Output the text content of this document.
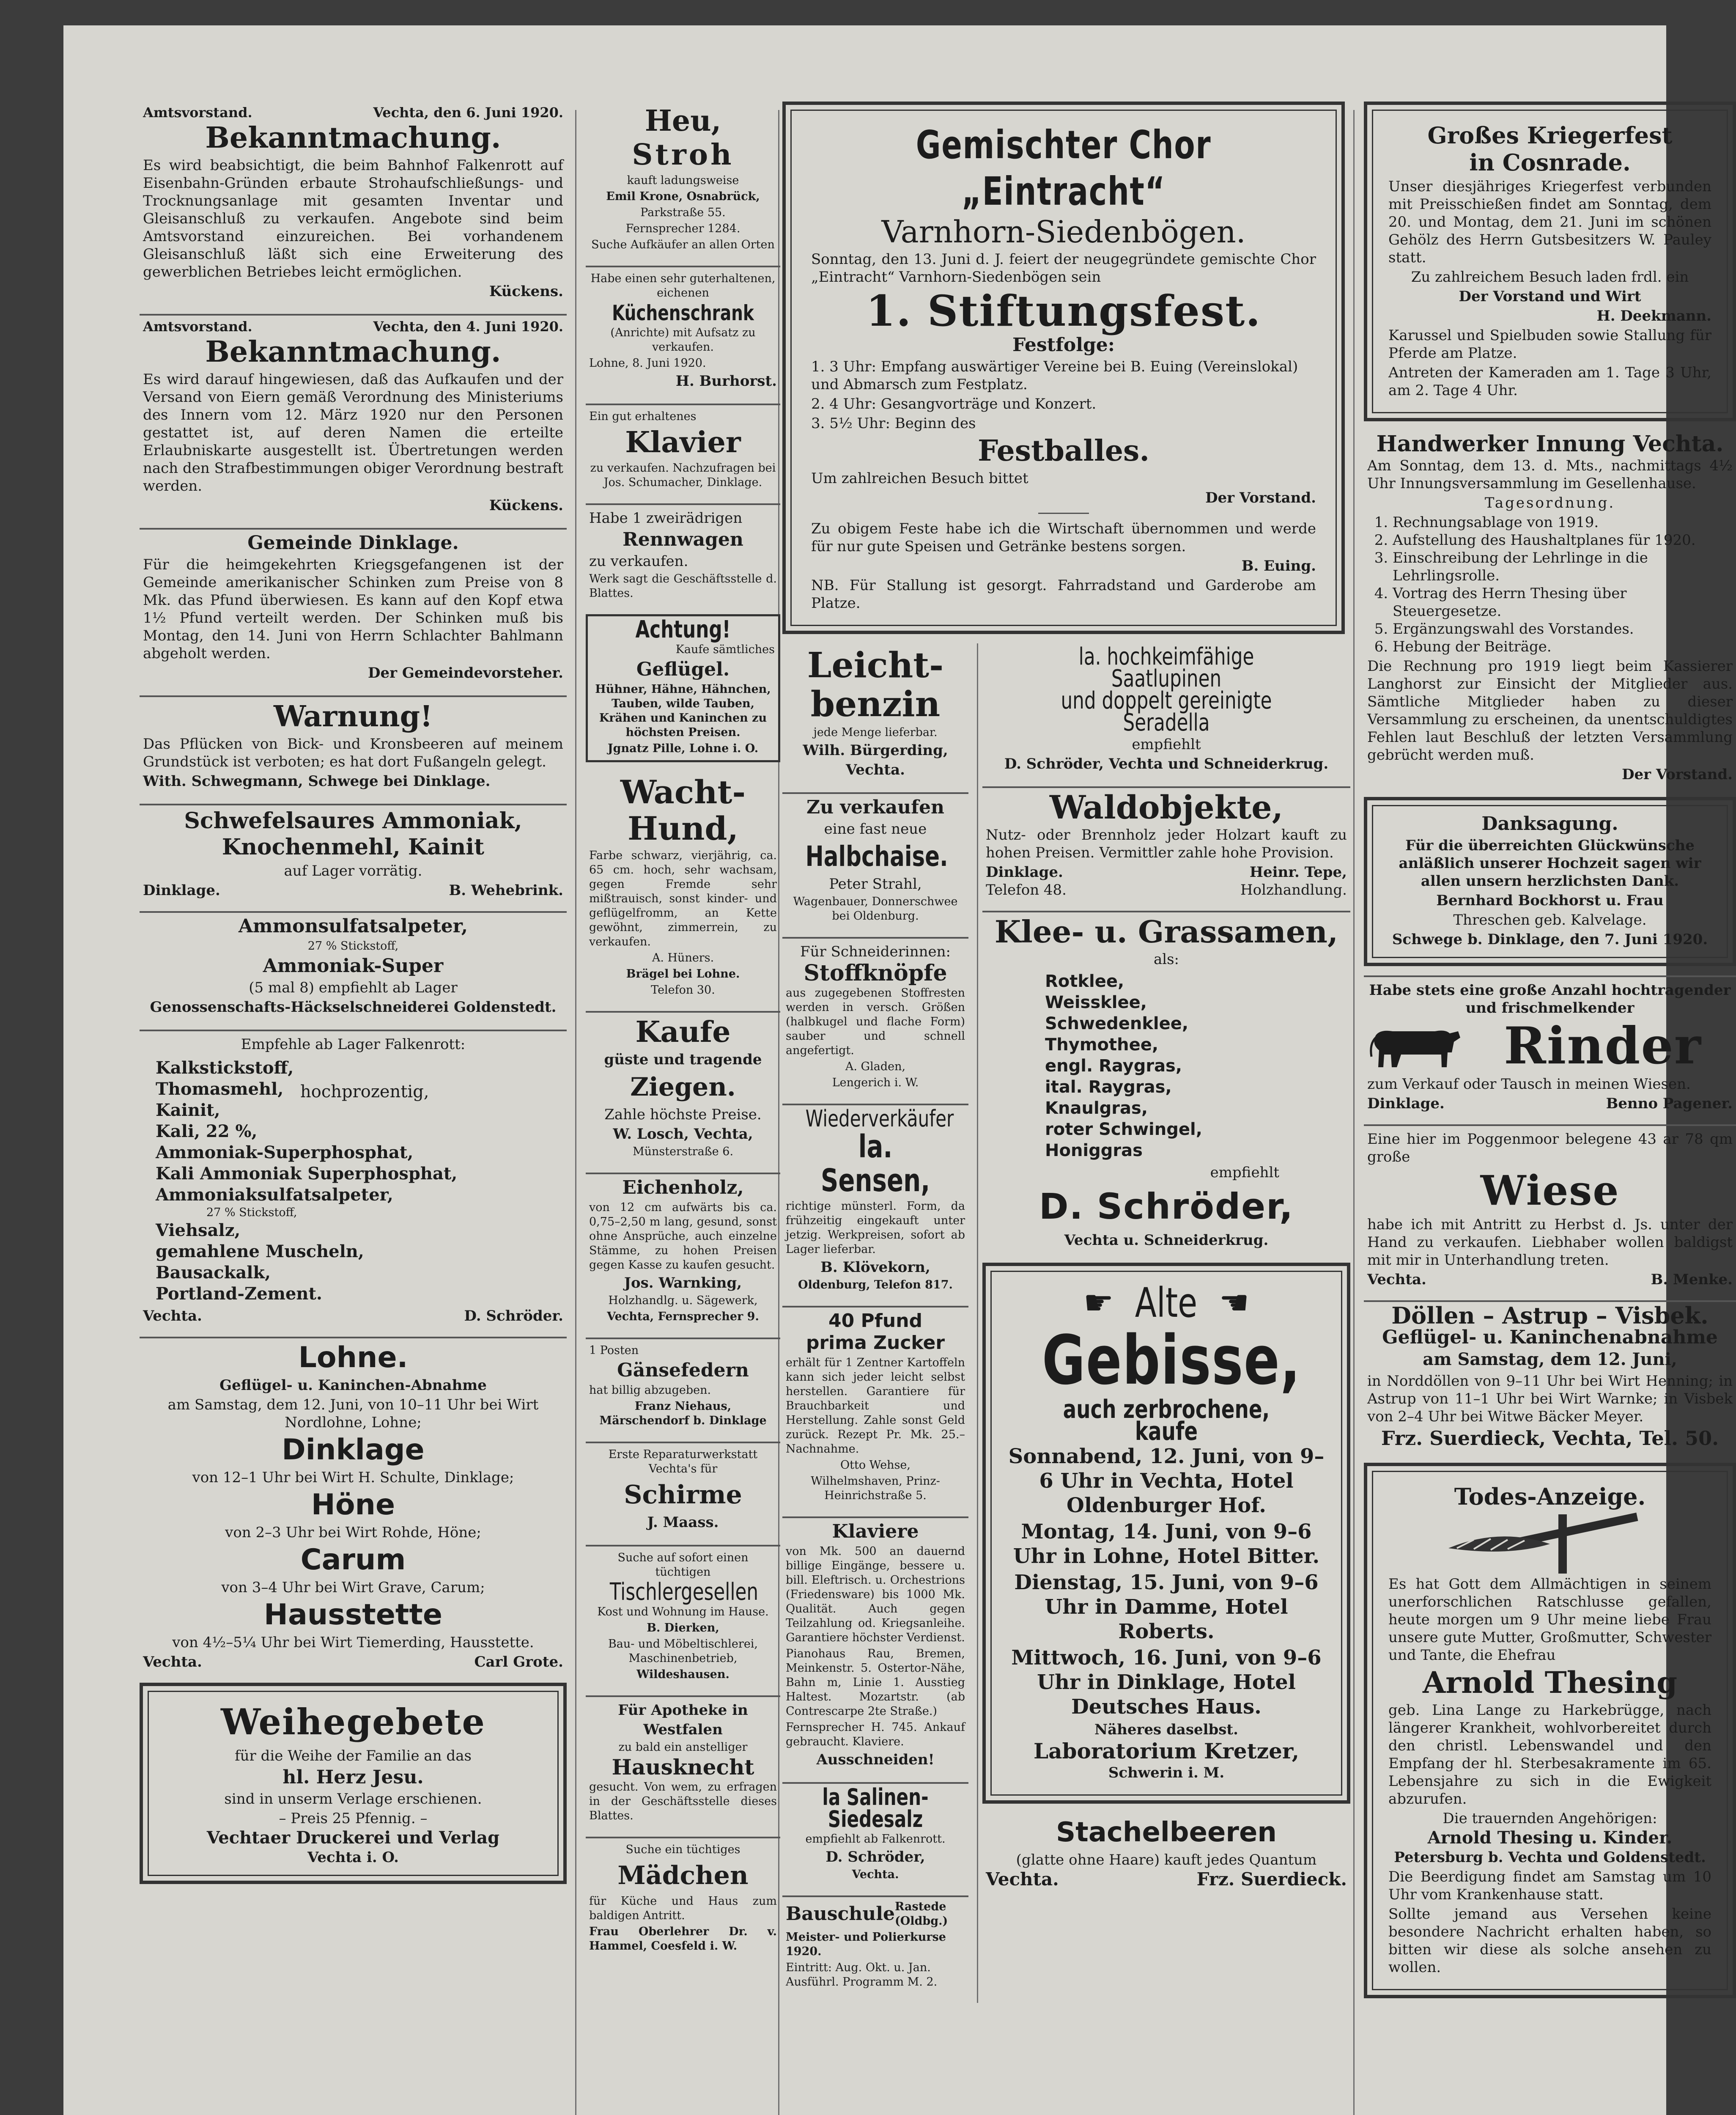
Amtsvorstand.	Vechta, den 6. Juni 1920.
Bekanntmachung.

Es wird beabsichtigt, die beim Bahnhof Falkenrott auf Eisenbahn-Gründen erbaute Strohaufschließungs- und Trocknungsanlage mit gesamten Inventar und Gleisanschluß zu verkaufen. Angebote sind beim Amtsvorstand einzureichen. Bei vorhandenem Gleisanschluß läßt sich eine Erweiterung des gewerblichen Betriebes leicht ermöglichen.

Kückens.

Amtsvorstand.	Vechta, den 4. Juni 1920.
Bekanntmachung.

Es wird darauf hingewiesen, daß das Aufkaufen und der Versand von Eiern gemäß Verordnung des Ministeriums des Innern vom 12. März 1920 nur den Personen gestattet ist, auf deren Namen die erteilte Erlaubniskarte ausgestellt ist. Übertretungen werden nach den Strafbestimmungen obiger Verordnung bestraft werden.

Kückens.

Gemeinde Dinklage.

Für die heimgekehrten Kriegsgefangenen ist der Gemeinde amerikanischer Schinken zum Preise von 8 Mk. das Pfund überwiesen. Es kann auf den Kopf etwa 1½ Pfund verteilt werden. Der Schinken muß bis Montag, den 14. Juni von Herrn Schlachter Bahlmann abgeholt werden.

Der Gemeindevorsteher.

Warnung!

Das Pflücken von Bick- und Kronsbeeren auf meinem Grundstück ist verboten; es hat dort Fußangeln gelegt.

With. Schwegmann, Schwege bei Dinklage.

Schwefelsaures Ammoniak,
Knochenmehl, Kainit

auf Lager vorrätig.

Dinklage.	B. Wehebrink.
Ammonsulfatsalpeter,

27 % Stickstoff,

Ammoniak-Super

(5 mal 8) empfiehlt ab Lager

Genossenschafts-Häckselschneiderei Goldenstedt.

Empfehle ab Lager Falkenrott:

Kalkstickstoff,
Thomasmehl,
Kainit,
Kali, 22 %,
Ammoniak-Superphosphat,
Kali Ammoniak Superphosphat,
Ammoniaksulfatsalpeter,
27 % Stickstoff,
Viehsalz,
gemahlene Muscheln,
Bausackalk,
Portland-Zement.
hochprozentig,
Vechta.	D. Schröder.
Lohne.

Geflügel- u. Kaninchen-Abnahme

am Samstag, dem 12. Juni, von 10–11 Uhr bei Wirt Nordlohne, Lohne;

Dinklage

von 12–1 Uhr bei Wirt H. Schulte, Dinklage;

Höne

von 2–3 Uhr bei Wirt Rohde, Höne;

Carum

von 3–4 Uhr bei Wirt Grave, Carum;

Hausstette

von 4½–5¼ Uhr bei Wirt Tiemerding, Hausstette.

Vechta.	Carl Grote.
Weihegebete

für die Weihe der Familie an das

hl. Herz Jesu.

sind in unserm Verlage erschienen.

– Preis 25 Pfennig. –

Vechtaer Druckerei und Verlag

Vechta i. O.

Heu,
Stroh

kauft ladungsweise

Emil Krone, Osnabrück,

Parkstraße 55.

Fernsprecher 1284.

Suche Aufkäufer an allen Orten

Habe einen sehr guterhaltenen, eichenen

Küchenschrank

(Anrichte) mit Aufsatz zu verkaufen.

Lohne, 8. Juni 1920.

H. Burhorst.

Ein gut erhaltenes

Klavier

zu verkaufen. Nachzufragen bei Jos. Schumacher, Dinklage.

Habe 1 zweirädrigen

Rennwagen

zu verkaufen.

Werk sagt die Geschäftsstelle d. Blattes.

Achtung!

Kaufe sämtliches

Geflügel.

Hühner, Hähne, Hähnchen, Tauben, wilde Tauben, Krähen und Kaninchen zu höchsten Preisen.

Jgnatz Pille, Lohne i. O.

Wacht-
Hund,

Farbe schwarz, vierjährig, ca. 65 cm. hoch, sehr wachsam, gegen Fremde sehr mißtrauisch, sonst kinder- und geflügelfromm, an Kette gewöhnt, zimmerrein, zu verkaufen.

A. Hüners.

Brägel bei Lohne.

Telefon 30.

Kaufe

güste und tragende

Ziegen.

Zahle höchste Preise.

W. Losch, Vechta,

Münsterstraße 6.

Eichenholz,

von 12 cm aufwärts bis ca. 0,75–2,50 m lang, gesund, sonst ohne Ansprüche, auch einzelne Stämme, zu hohen Preisen gegen Kasse zu kaufen gesucht.

Jos. Warnking,

Holzhandlg. u. Sägewerk,

Vechta, Fernsprecher 9.

1 Posten

Gänsefedern

hat billig abzugeben.

Franz Niehaus, Märschendorf b. Dinklage

Erste Reparaturwerkstatt Vechta's für

Schirme

J. Maass.

Suche auf sofort einen tüchtigen

Tischlergesellen

Kost und Wohnung im Hause.

B. Dierken,

Bau- und Möbeltischlerei, Maschinenbetrieb,

Wildeshausen.

Für Apotheke in

Westfalen

zu bald ein anstelliger

Hausknecht

gesucht. Von wem, zu erfragen in der Geschäftsstelle dieses Blattes.

Suche ein tüchtiges

Mädchen

für Küche und Haus zum baldigen Antritt.

Frau Oberlehrer Dr. v. Hammel, Coesfeld i. W.

Gemischter Chor „Eintracht“
Varnhorn-Siedenbögen.

Sonntag, den 13. Juni d. J. feiert der neugegründete gemischte Chor „Eintracht“ Varnhorn-Siedenbögen sein

1. Stiftungsfest.
Festfolge:

1. 3 Uhr: Empfang auswärtiger Vereine bei B. Euing (Vereinslokal) und Abmarsch zum Festplatz.

2. 4 Uhr: Gesangvorträge und Konzert.

3. 5½ Uhr: Beginn des

Festballes.

Um zahlreichen Besuch bittet

Der Vorstand.

Zu obigem Feste habe ich die Wirtschaft übernommen und werde für nur gute Speisen und Getränke bestens sorgen.

B. Euing.

NB. Für Stallung ist gesorgt. Fahrradstand und Garderobe am Platze.

Leicht-
benzin

jede Menge lieferbar.

Wilh. Bürgerding,

Vechta.

Zu verkaufen

eine fast neue

Halbchaise.

Peter Strahl,

Wagenbauer, Donnerschwee bei Oldenburg.

Für Schneiderinnen:

Stoffknöpfe

aus zugegebenen Stoffresten werden in versch. Größen (halbkugel und flache Form) sauber und schnell angefertigt.

A. Gladen,

Lengerich i. W.

Wiederverkäufer
la. Sensen,

richtige münsterl. Form, da frühzeitig eingekauft unter jetzig. Werkpreisen, sofort ab Lager lieferbar.

B. Klövekorn,

Oldenburg, Telefon 817.

40 Pfund
prima Zucker

erhält für 1 Zentner Kartoffeln kann sich jeder leicht selbst herstellen. Garantiere für Brauchbarkeit und Herstellung. Zahle sonst Geld zurück. Rezept Pr. Mk. 25.– Nachnahme.

Otto Wehse,

Wilhelmshaven, Prinz-Heinrichstraße 5.

Klaviere

von Mk. 500 an dauernd billige Eingänge, bessere u. bill. Eleftrisch. u. Orchestrions (Friedensware) bis 1000 Mk. Qualität. Auch gegen Teilzahlung od. Kriegsanleihe. Garantiere höchster Verdienst.

Pianohaus Rau, Bremen, Meinkenstr. 5. Ostertor-Nähe, Bahn m, Linie 1. Ausstieg Haltest. Mozartstr. (ab Contrescarpe 2te Straße.)

Fernsprecher H. 745. Ankauf gebraucht. Klaviere.

Ausschneiden!

la Salinen-
Siedesalz

empfiehlt ab Falkenrott.

D. Schröder,

Vechta.

Bauschule Rastede (Oldbg.)

Meister- und Polierkurse 1920.

Eintritt: Aug. Okt. u. Jan. Ausführl. Programm M. 2.

la. hochkeimfähige Saatlupinen
und doppelt gereinigte Seradella

empfiehlt

D. Schröder, Vechta und Schneiderkrug.

Waldobjekte,

Nutz- oder Brennholz jeder Holzart kauft zu hohen Preisen. Vermittler zahle hohe Provision.

Dinklage.	Heinr. Tepe,
Telefon 48.	Holzhandlung.
Klee- u. Grassamen,

als:

Rotklee,
Weissklee,
Schwedenklee,
Thymothee,
engl. Raygras,
ital. Raygras,
Knaulgras,
roter Schwingel,
Honiggras

empfiehlt

D. Schröder,

Vechta u. Schneiderkrug.

☛ Alte ☚
Gebisse,
auch zerbrochene, kaufe

Sonnabend, 12. Juni, von 9–6 Uhr in Vechta, Hotel Oldenburger Hof.

Montag, 14. Juni, von 9–6 Uhr in Lohne, Hotel Bitter.

Dienstag, 15. Juni, von 9–6 Uhr in Damme, Hotel Roberts.

Mittwoch, 16. Juni, von 9–6 Uhr in Dinklage, Hotel Deutsches Haus.

Näheres daselbst.

Laboratorium Kretzer,

Schwerin i. M.

Stachelbeeren

(glatte ohne Haare) kauft jedes Quantum

Vechta.	Frz. Suerdieck.
Großes Kriegerfest
in Cosnrade.

Unser diesjähriges Kriegerfest verbunden mit Preisschießen findet am Sonntag, dem 20. und Montag, dem 21. Juni im schönen Gehölz des Herrn Gutsbesitzers W. Pauley statt.

Zu zahlreichem Besuch laden frdl. ein

Der Vorstand und Wirt

H. Deekmann.

Karussel und Spielbuden sowie Stallung für Pferde am Platze.

Antreten der Kameraden am 1. Tage 3 Uhr, am 2. Tage 4 Uhr.

Handwerker Innung Vechta.

Am Sonntag, dem 13. d. Mts., nachmittags 4½ Uhr Innungsversammlung im Gesellenhause.

Tagesordnung.

1. Rechnungsablage von 1919.
2. Aufstellung des Haushaltplanes für 1920.
3. Einschreibung der Lehrlinge in die Lehrlingsrolle.
4. Vortrag des Herrn Thesing über Steuergesetze.
5. Ergänzungswahl des Vorstandes.
6. Hebung der Beiträge.

Die Rechnung pro 1919 liegt beim Kassierer Langhorst zur Einsicht der Mitglieder aus. Sämtliche Mitglieder haben zu dieser Versammlung zu erscheinen, da unentschuldigtes Fehlen laut Beschluß der letzten Versammlung gebrücht werden muß.

Der Vorstand.

Danksagung.

Für die überreichten Glückwünsche anläßlich unserer Hochzeit sagen wir allen unsern herzlichsten Dank.

Bernhard Bockhorst u. Frau

Threschen geb. Kalvelage.

Schwege b. Dinklage, den 7. Juni 1920.

Habe stets eine große Anzahl hochtragender und frischmelkender

Rinder

zum Verkauf oder Tausch in meinen Wiesen.

Dinklage.	Benno Pagener.

Eine hier im Poggenmoor belegene 43 ar 78 qm große

Wiese

habe ich mit Antritt zu Herbst d. Js. unter der Hand zu verkaufen. Liebhaber wollen baldigst mit mir in Unterhandlung treten.

Vechta.	B. Menke.
Döllen – Astrup – Visbek.
Geflügel- u. Kaninchenabnahme
am Samstag, dem 12. Juni,

in Norddöllen von 9–11 Uhr bei Wirt Henning; in Astrup von 11–1 Uhr bei Wirt Warnke; in Visbek von 2–4 Uhr bei Witwe Bäcker Meyer.

Frz. Suerdieck, Vechta, Tel. 50.

Todes-Anzeige.

Es hat Gott dem Allmächtigen in seinem unerforschlichen Ratschlusse gefallen, heute morgen um 9 Uhr meine liebe Frau unsere gute Mutter, Großmutter, Schwester und Tante, die Ehefrau

Arnold Thesing

geb. Lina Lange zu Harkebrügge, nach längerer Krankheit, wohlvorbereitet durch den christl. Lebenswandel und den Empfang der hl. Sterbesakramente im 65. Lebensjahre zu sich in die Ewigkeit abzurufen.

Die trauernden Angehörigen:

Arnold Thesing u. Kinder.

Petersburg b. Vechta und Goldenstedt.

Die Beerdigung findet am Samstag um 10 Uhr vom Krankenhause statt.

Sollte jemand aus Versehen keine besondere Nachricht erhalten haben, so bitten wir diese als solche ansehen zu wollen.
